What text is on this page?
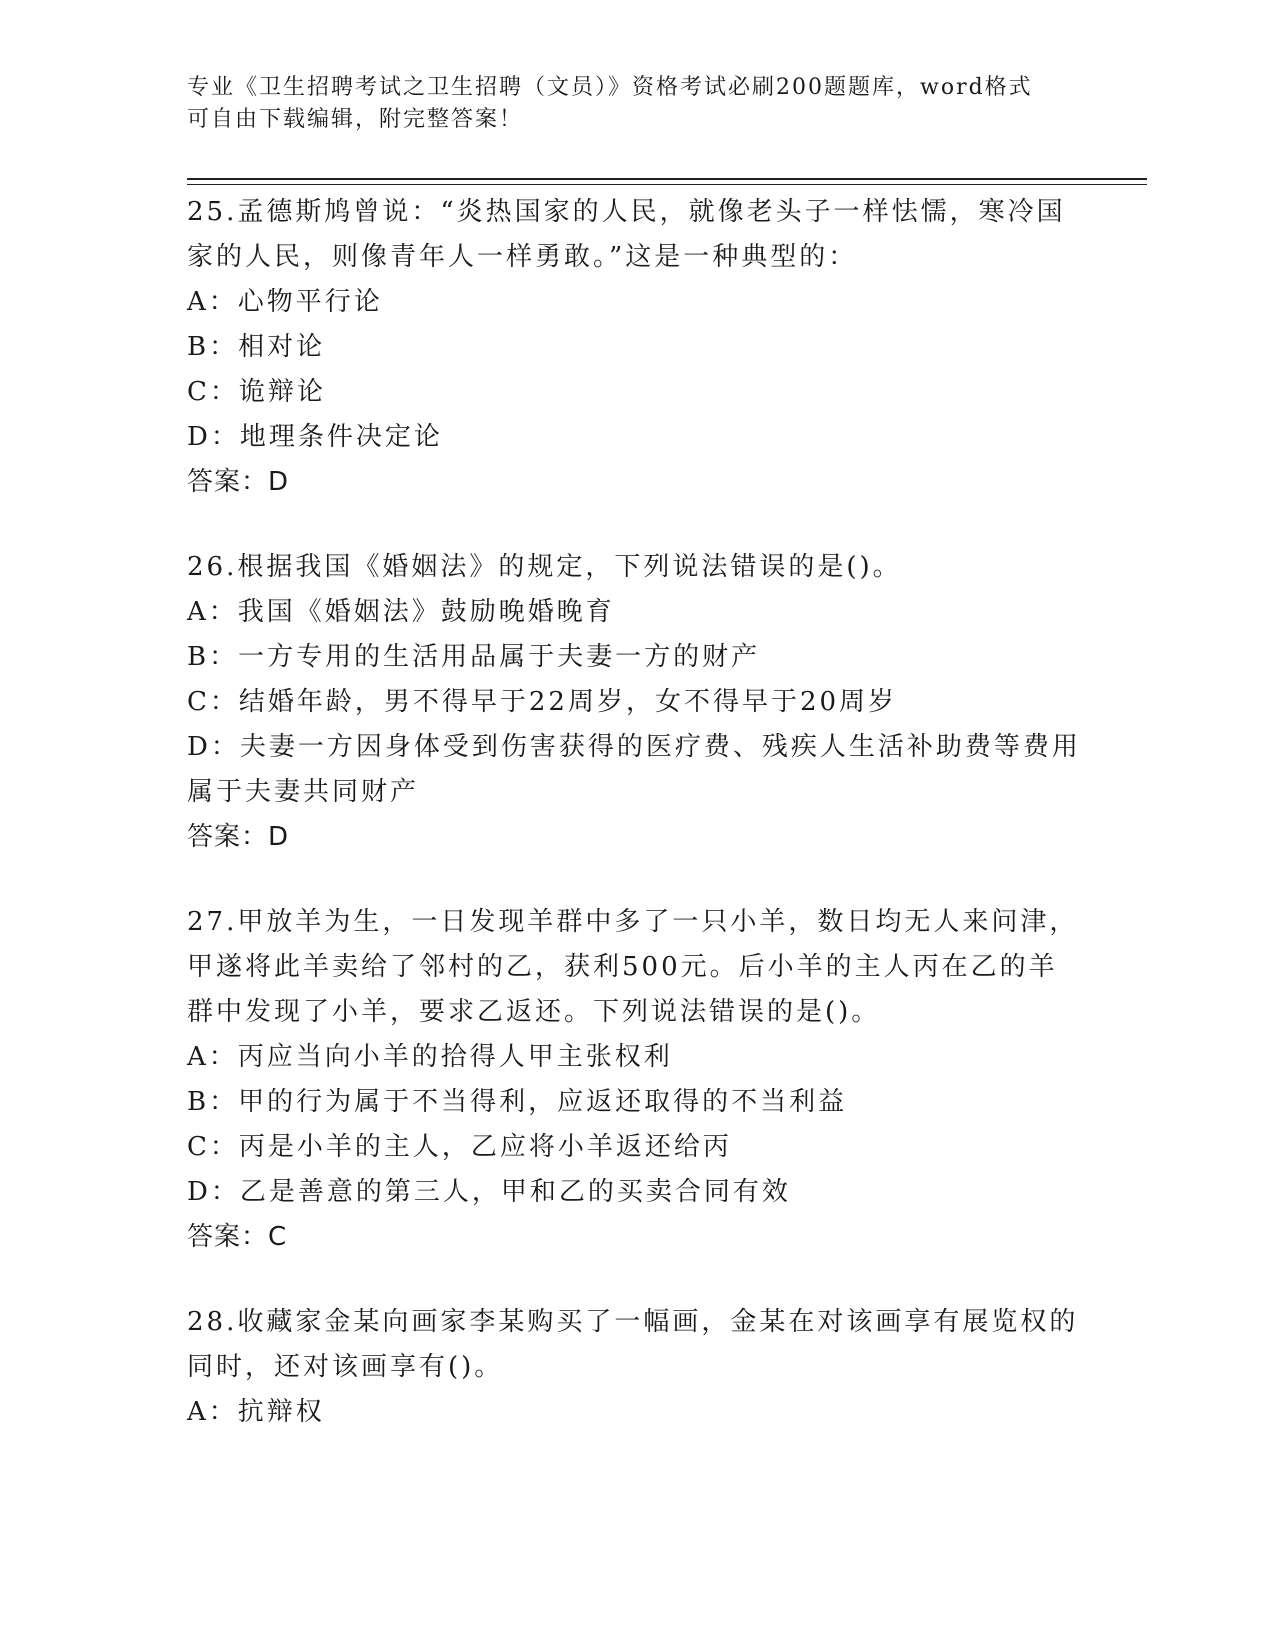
专业《卫生招聘考试之卫生招聘（文员）》资格考试必刷200题题库，word格式
可自由下载编辑，附完整答案！
25.孟德斯鸠曾说：“炎热国家的人民，就像老头子一样怯懦，寒冷国
家的人民，则像青年人一样勇敢。”这是一种典型的：
A：心物平行论
B：相对论
C：诡辩论
D：地理条件决定论
答案：D
26.根据我国《婚姻法》的规定，下列说法错误的是()。
A：我国《婚姻法》鼓励晚婚晚育
B：一方专用的生活用品属于夫妻一方的财产
C：结婚年龄，男不得早于22周岁，女不得早于20周岁
D：夫妻一方因身体受到伤害获得的医疗费、残疾人生活补助费等费用
属于夫妻共同财产
答案：D
27.甲放羊为生，一日发现羊群中多了一只小羊，数日均无人来问津，
甲遂将此羊卖给了邻村的乙，获利500元。后小羊的主人丙在乙的羊
群中发现了小羊，要求乙返还。下列说法错误的是()。
A：丙应当向小羊的拾得人甲主张权利
B：甲的行为属于不当得利，应返还取得的不当利益
C：丙是小羊的主人，乙应将小羊返还给丙
D：乙是善意的第三人，甲和乙的买卖合同有效
答案：C
28.收藏家金某向画家李某购买了一幅画，金某在对该画享有展览权的
同时，还对该画享有()。
A：抗辩权
